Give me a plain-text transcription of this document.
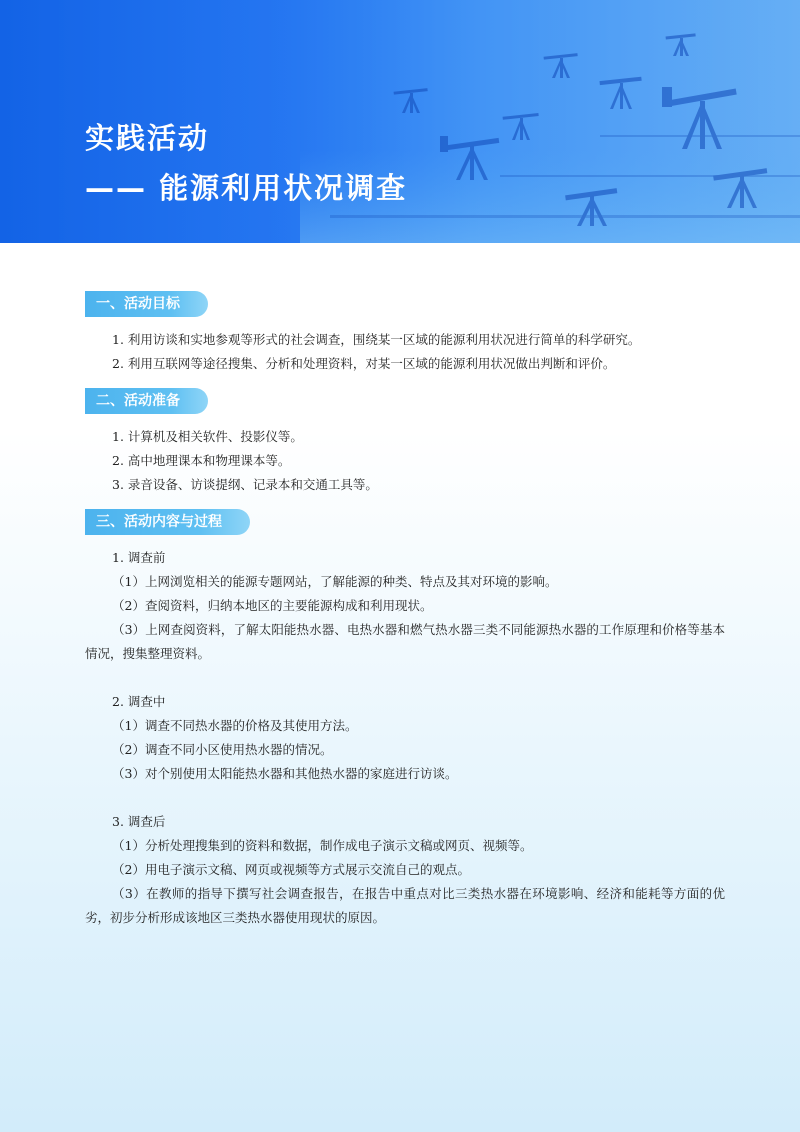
实践活动
—— 能源利用状况调查
一、活动目标

1. 利用访谈和实地参观等形式的社会调查，围绕某一区域的能源利用状况进行简单的科学研究。

2. 利用互联网等途径搜集、分析和处理资料，对某一区域的能源利用状况做出判断和评价。

二、活动准备

1. 计算机及相关软件、投影仪等。

2. 高中地理课本和物理课本等。

3. 录音设备、访谈提纲、记录本和交通工具等。

三、活动内容与过程

1. 调查前

（1）上网浏览相关的能源专题网站，了解能源的种类、特点及其对环境的影响。

（2）查阅资料，归纳本地区的主要能源构成和利用现状。

（3）上网查阅资料，了解太阳能热水器、电热水器和燃气热水器三类不同能源热水器的工作原理和价格等基本情况，搜集整理资料。

2. 调查中

（1）调查不同热水器的价格及其使用方法。

（2）调查不同小区使用热水器的情况。

（3）对个别使用太阳能热水器和其他热水器的家庭进行访谈。

3. 调查后

（1）分析处理搜集到的资料和数据，制作成电子演示文稿或网页、视频等。

（2）用电子演示文稿、网页或视频等方式展示交流自己的观点。

（3）在教师的指导下撰写社会调查报告，在报告中重点对比三类热水器在环境影响、经济和能耗等方面的优劣，初步分析形成该地区三类热水器使用现状的原因。
